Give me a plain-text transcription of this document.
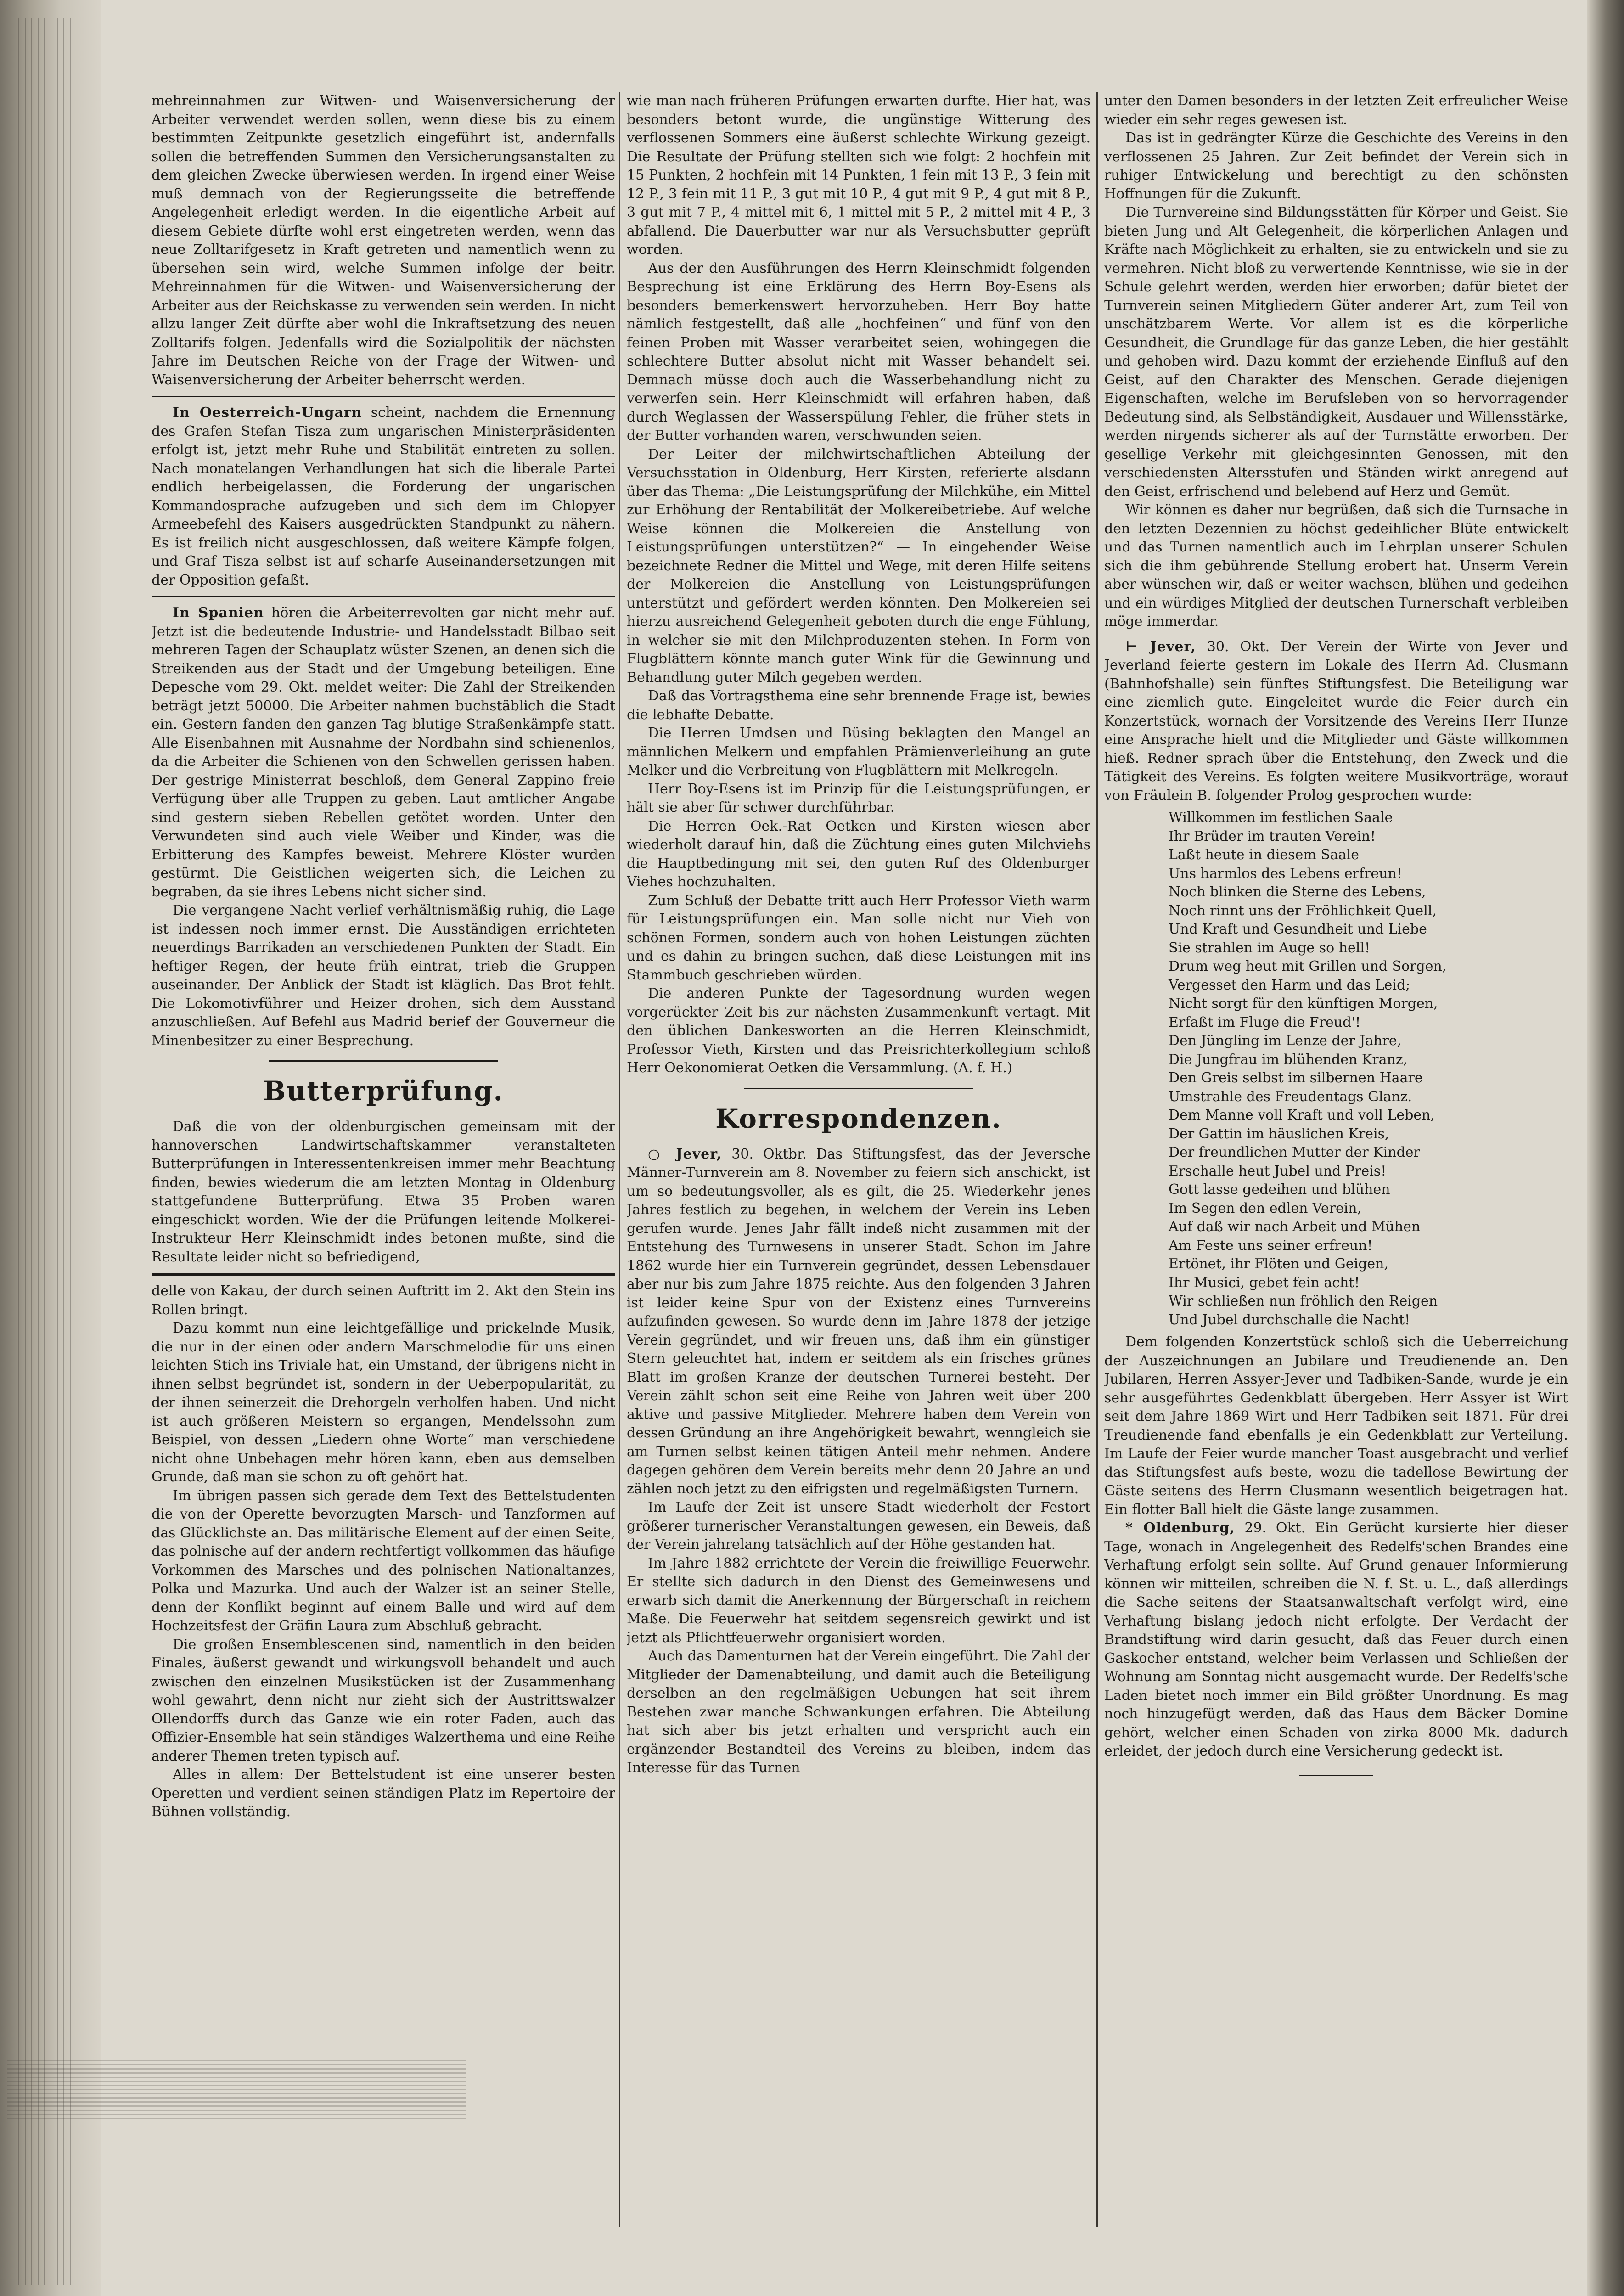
mehreinnahmen zur Witwen- und Waisenversicherung der Arbeiter verwendet werden sollen, wenn diese bis zu einem bestimmten Zeitpunkte gesetzlich eingeführt ist, andernfalls sollen die betreffenden Summen den Versicherungsanstalten zu dem gleichen Zwecke überwiesen werden. In irgend einer Weise muß demnach von der Regierungsseite die betreffende Angelegenheit erledigt werden. In die eigentliche Arbeit auf diesem Gebiete dürfte wohl erst eingetreten werden, wenn das neue Zolltarifgesetz in Kraft getreten und namentlich wenn zu übersehen sein wird, welche Summen infolge der beitr. Mehreinnahmen für die Witwen- und Waisenversicherung der Arbeiter aus der Reichskasse zu verwenden sein werden. In nicht allzu langer Zeit dürfte aber wohl die Inkraftsetzung des neuen Zolltarifs folgen. Jedenfalls wird die Sozialpolitik der nächsten Jahre im Deutschen Reiche von der Frage der Witwen- und Waisenversicherung der Arbeiter beherrscht werden.

In Oesterreich-Ungarn scheint, nachdem die Ernennung des Grafen Stefan Tisza zum ungarischen Ministerpräsidenten erfolgt ist, jetzt mehr Ruhe und Stabilität eintreten zu sollen. Nach monatelangen Verhandlungen hat sich die liberale Partei endlich herbeigelassen, die Forderung der ungarischen Kommandosprache aufzugeben und sich dem im Chlopyer Armeebefehl des Kaisers ausgedrückten Standpunkt zu nähern. Es ist freilich nicht ausgeschlossen, daß weitere Kämpfe folgen, und Graf Tisza selbst ist auf scharfe Auseinandersetzungen mit der Opposition gefaßt.

In Spanien hören die Arbeiterrevolten gar nicht mehr auf. Jetzt ist die bedeutende Industrie- und Handelsstadt Bilbao seit mehreren Tagen der Schauplatz wüster Szenen, an denen sich die Streikenden aus der Stadt und der Umgebung beteiligen. Eine Depesche vom 29. Okt. meldet weiter: Die Zahl der Streikenden beträgt jetzt 50000. Die Arbeiter nahmen buchstäblich die Stadt ein. Gestern fanden den ganzen Tag blutige Straßenkämpfe statt. Alle Eisenbahnen mit Ausnahme der Nordbahn sind schienenlos, da die Arbeiter die Schienen von den Schwellen gerissen haben. Der gestrige Ministerrat beschloß, dem General Zappino freie Verfügung über alle Truppen zu geben. Laut amtlicher Angabe sind gestern sieben Rebellen getötet worden. Unter den Verwundeten sind auch viele Weiber und Kinder, was die Erbitterung des Kampfes beweist. Mehrere Klöster wurden gestürmt. Die Geistlichen weigerten sich, die Leichen zu begraben, da sie ihres Lebens nicht sicher sind.

Die vergangene Nacht verlief verhältnismäßig ruhig, die Lage ist indessen noch immer ernst. Die Ausständigen errichteten neuerdings Barrikaden an verschiedenen Punkten der Stadt. Ein heftiger Regen, der heute früh eintrat, trieb die Gruppen auseinander. Der Anblick der Stadt ist kläglich. Das Brot fehlt. Die Lokomotivführer und Heizer drohen, sich dem Ausstand anzuschließen. Auf Befehl aus Madrid berief der Gouverneur die Minenbesitzer zu einer Besprechung.

Butterprüfung.

Daß die von der oldenburgischen gemeinsam mit der hannoverschen Landwirtschaftskammer veranstalteten Butterprüfungen in Interessentenkreisen immer mehr Beachtung finden, bewies wiederum die am letzten Montag in Oldenburg stattgefundene Butterprüfung. Etwa 35 Proben waren eingeschickt worden. Wie der die Prüfungen leitende Molkerei-Instrukteur Herr Kleinschmidt indes betonen mußte, sind die Resultate leider nicht so befriedigend,

delle von Kakau, der durch seinen Auftritt im 2. Akt den Stein ins Rollen bringt.

Dazu kommt nun eine leichtgefällige und prickelnde Musik, die nur in der einen oder andern Marschmelodie für uns einen leichten Stich ins Triviale hat, ein Umstand, der übrigens nicht in ihnen selbst begründet ist, sondern in der Ueberpopularität, zu der ihnen seinerzeit die Drehorgeln verholfen haben. Und nicht ist auch größeren Meistern so ergangen, Mendelssohn zum Beispiel, von dessen „Liedern ohne Worte“ man verschiedene nicht ohne Unbehagen mehr hören kann, eben aus demselben Grunde, daß man sie schon zu oft gehört hat.

Im übrigen passen sich gerade dem Text des Bettelstudenten die von der Operette bevorzugten Marsch- und Tanzformen auf das Glücklichste an. Das militärische Element auf der einen Seite, das polnische auf der andern rechtfertigt vollkommen das häufige Vorkommen des Marsches und des polnischen Nationaltanzes, Polka und Mazurka. Und auch der Walzer ist an seiner Stelle, denn der Konflikt beginnt auf einem Balle und wird auf dem Hochzeitsfest der Gräfin Laura zum Abschluß gebracht.

Die großen Ensemblescenen sind, namentlich in den beiden Finales, äußerst gewandt und wirkungsvoll behandelt und auch zwischen den einzelnen Musikstücken ist der Zusammenhang wohl gewahrt, denn nicht nur zieht sich der Austrittswalzer Ollendorffs durch das Ganze wie ein roter Faden, auch das Offizier-Ensemble hat sein ständiges Walzerthema und eine Reihe anderer Themen treten typisch auf.

Alles in allem: Der Bettelstudent ist eine unserer besten Operetten und verdient seinen ständigen Platz im Repertoire der Bühnen vollständig.

wie man nach früheren Prüfungen erwarten durfte. Hier hat, was besonders betont wurde, die ungünstige Witterung des verflossenen Sommers eine äußerst schlechte Wirkung gezeigt. Die Resultate der Prüfung stellten sich wie folgt: 2 hochfein mit 15 Punkten, 2 hochfein mit 14 Punkten, 1 fein mit 13 P., 3 fein mit 12 P., 3 fein mit 11 P., 3 gut mit 10 P., 4 gut mit 9 P., 4 gut mit 8 P., 3 gut mit 7 P., 4 mittel mit 6, 1 mittel mit 5 P., 2 mittel mit 4 P., 3 abfallend. Die Dauerbutter war nur als Versuchsbutter geprüft worden.

Aus der den Ausführungen des Herrn Kleinschmidt folgenden Besprechung ist eine Erklärung des Herrn Boy-Esens als besonders bemerkenswert hervorzuheben. Herr Boy hatte nämlich festgestellt, daß alle „hochfeinen“ und fünf von den feinen Proben mit Wasser verarbeitet seien, wohingegen die schlechtere Butter absolut nicht mit Wasser behandelt sei. Demnach müsse doch auch die Wasserbehandlung nicht zu verwerfen sein. Herr Kleinschmidt will erfahren haben, daß durch Weglassen der Wasserspülung Fehler, die früher stets in der Butter vorhanden waren, verschwunden seien.

Der Leiter der milchwirtschaftlichen Abteilung der Versuchsstation in Oldenburg, Herr Kirsten, referierte alsdann über das Thema: „Die Leistungsprüfung der Milchkühe, ein Mittel zur Erhöhung der Rentabilität der Molkereibetriebe. Auf welche Weise können die Molkereien die Anstellung von Leistungsprüfungen unterstützen?“ — In eingehender Weise bezeichnete Redner die Mittel und Wege, mit deren Hilfe seitens der Molkereien die Anstellung von Leistungsprüfungen unterstützt und gefördert werden könnten. Den Molkereien sei hierzu ausreichend Gelegenheit geboten durch die enge Fühlung, in welcher sie mit den Milchproduzenten stehen. In Form von Flugblättern könnte manch guter Wink für die Gewinnung und Behandlung guter Milch gegeben werden.

Daß das Vortragsthema eine sehr brennende Frage ist, bewies die lebhafte Debatte.

Die Herren Umdsen und Büsing beklagten den Mangel an männlichen Melkern und empfahlen Prämienverleihung an gute Melker und die Verbreitung von Flugblättern mit Melkregeln.

Herr Boy-Esens ist im Prinzip für die Leistungsprüfungen, er hält sie aber für schwer durchführbar.

Die Herren Oek.-Rat Oetken und Kirsten wiesen aber wiederholt darauf hin, daß die Züchtung eines guten Milchviehs die Hauptbedingung mit sei, den guten Ruf des Oldenburger Viehes hochzuhalten.

Zum Schluß der Debatte tritt auch Herr Professor Vieth warm für Leistungsprüfungen ein. Man solle nicht nur Vieh von schönen Formen, sondern auch von hohen Leistungen züchten und es dahin zu bringen suchen, daß diese Leistungen mit ins Stammbuch geschrieben würden.

Die anderen Punkte der Tagesordnung wurden wegen vorgerückter Zeit bis zur nächsten Zusammenkunft vertagt. Mit den üblichen Dankesworten an die Herren Kleinschmidt, Professor Vieth, Kirsten und das Preisrichterkollegium schloß Herr Oekonomierat Oetken die Versammlung. (A. f. H.)

Korrespondenzen.

○ Jever, 30. Oktbr. Das Stiftungsfest, das der Jeversche Männer-Turnverein am 8. November zu feiern sich anschickt, ist um so bedeutungsvoller, als es gilt, die 25. Wiederkehr jenes Jahres festlich zu begehen, in welchem der Verein ins Leben gerufen wurde. Jenes Jahr fällt indeß nicht zusammen mit der Entstehung des Turnwesens in unserer Stadt. Schon im Jahre 1862 wurde hier ein Turnverein gegründet, dessen Lebensdauer aber nur bis zum Jahre 1875 reichte. Aus den folgenden 3 Jahren ist leider keine Spur von der Existenz eines Turnvereins aufzufinden gewesen. So wurde denn im Jahre 1878 der jetzige Verein gegründet, und wir freuen uns, daß ihm ein günstiger Stern geleuchtet hat, indem er seitdem als ein frisches grünes Blatt im großen Kranze der deutschen Turnerei besteht. Der Verein zählt schon seit eine Reihe von Jahren weit über 200 aktive und passive Mitglieder. Mehrere haben dem Verein von dessen Gründung an ihre Angehörigkeit bewahrt, wenngleich sie am Turnen selbst keinen tätigen Anteil mehr nehmen. Andere dagegen gehören dem Verein bereits mehr denn 20 Jahre an und zählen noch jetzt zu den eifrigsten und regelmäßigsten Turnern.

Im Laufe der Zeit ist unsere Stadt wiederholt der Festort größerer turnerischer Veranstaltungen gewesen, ein Beweis, daß der Verein jahrelang tatsächlich auf der Höhe gestanden hat.

Im Jahre 1882 errichtete der Verein die freiwillige Feuerwehr. Er stellte sich dadurch in den Dienst des Gemeinwesens und erwarb sich damit die Anerkennung der Bürgerschaft in reichem Maße. Die Feuerwehr hat seitdem segensreich gewirkt und ist jetzt als Pflichtfeuerwehr organisiert worden.

Auch das Damenturnen hat der Verein eingeführt. Die Zahl der Mitglieder der Damenabteilung, und damit auch die Beteiligung derselben an den regelmäßigen Uebungen hat seit ihrem Bestehen zwar manche Schwankungen erfahren. Die Abteilung hat sich aber bis jetzt erhalten und verspricht auch ein ergänzender Bestandteil des Vereins zu bleiben, indem das Interesse für das Turnen

unter den Damen besonders in der letzten Zeit erfreulicher Weise wieder ein sehr reges gewesen ist.

Das ist in gedrängter Kürze die Geschichte des Vereins in den verflossenen 25 Jahren. Zur Zeit befindet der Verein sich in ruhiger Entwickelung und berechtigt zu den schönsten Hoffnungen für die Zukunft.

Die Turnvereine sind Bildungsstätten für Körper und Geist. Sie bieten Jung und Alt Gelegenheit, die körperlichen Anlagen und Kräfte nach Möglichkeit zu erhalten, sie zu entwickeln und sie zu vermehren. Nicht bloß zu verwertende Kenntnisse, wie sie in der Schule gelehrt werden, werden hier erworben; dafür bietet der Turnverein seinen Mitgliedern Güter anderer Art, zum Teil von unschätzbarem Werte. Vor allem ist es die körperliche Gesundheit, die Grundlage für das ganze Leben, die hier gestählt und gehoben wird. Dazu kommt der erziehende Einfluß auf den Geist, auf den Charakter des Menschen. Gerade diejenigen Eigenschaften, welche im Berufsleben von so hervorragender Bedeutung sind, als Selbständigkeit, Ausdauer und Willensstärke, werden nirgends sicherer als auf der Turnstätte erworben. Der gesellige Verkehr mit gleichgesinnten Genossen, mit den verschiedensten Altersstufen und Ständen wirkt anregend auf den Geist, erfrischend und belebend auf Herz und Gemüt.

Wir können es daher nur begrüßen, daß sich die Turnsache in den letzten Dezennien zu höchst gedeihlicher Blüte entwickelt und das Turnen namentlich auch im Lehrplan unserer Schulen sich die ihm gebührende Stellung erobert hat. Unserm Verein aber wünschen wir, daß er weiter wachsen, blühen und gedeihen und ein würdiges Mitglied der deutschen Turnerschaft verbleiben möge immerdar.

⊢ Jever, 30. Okt. Der Verein der Wirte von Jever und Jeverland feierte gestern im Lokale des Herrn Ad. Clusmann (Bahnhofshalle) sein fünftes Stiftungsfest. Die Beteiligung war eine ziemlich gute. Eingeleitet wurde die Feier durch ein Konzertstück, wornach der Vorsitzende des Vereins Herr Hunze eine Ansprache hielt und die Mitglieder und Gäste willkommen hieß. Redner sprach über die Entstehung, den Zweck und die Tätigkeit des Vereins. Es folgten weitere Musikvorträge, worauf von Fräulein B. folgender Prolog gesprochen wurde:

Willkommen im festlichen Saale
Ihr Brüder im trauten Verein!
Laßt heute in diesem Saale
Uns harmlos des Lebens erfreun!
Noch blinken die Sterne des Lebens,
Noch rinnt uns der Fröhlichkeit Quell,
Und Kraft und Gesundheit und Liebe
Sie strahlen im Auge so hell!
Drum weg heut mit Grillen und Sorgen,
Vergesset den Harm und das Leid;
Nicht sorgt für den künftigen Morgen,
Erfaßt im Fluge die Freud'!
Den Jüngling im Lenze der Jahre,
Die Jungfrau im blühenden Kranz,
Den Greis selbst im silbernen Haare
Umstrahle des Freudentags Glanz.
Dem Manne voll Kraft und voll Leben,
Der Gattin im häuslichen Kreis,
Der freundlichen Mutter der Kinder
Erschalle heut Jubel und Preis!
Gott lasse gedeihen und blühen
Im Segen den edlen Verein,
Auf daß wir nach Arbeit und Mühen
Am Feste uns seiner erfreun!
Ertönet, ihr Flöten und Geigen,
Ihr Musici, gebet fein acht!
Wir schließen nun fröhlich den Reigen
Und Jubel durchschalle die Nacht!

Dem folgenden Konzertstück schloß sich die Ueberreichung der Auszeichnungen an Jubilare und Treudienende an. Den Jubilaren, Herren Assyer-Jever und Tadbiken-Sande, wurde je ein sehr ausgeführtes Gedenkblatt übergeben. Herr Assyer ist Wirt seit dem Jahre 1869 Wirt und Herr Tadbiken seit 1871. Für drei Treudienende fand ebenfalls je ein Gedenkblatt zur Verteilung. Im Laufe der Feier wurde mancher Toast ausgebracht und verlief das Stiftungsfest aufs beste, wozu die tadellose Bewirtung der Gäste seitens des Herrn Clusmann wesentlich beigetragen hat. Ein flotter Ball hielt die Gäste lange zusammen.

* Oldenburg, 29. Okt. Ein Gerücht kursierte hier dieser Tage, wonach in Angelegenheit des Redelfs'schen Brandes eine Verhaftung erfolgt sein sollte. Auf Grund genauer Informierung können wir mitteilen, schreiben die N. f. St. u. L., daß allerdings die Sache seitens der Staatsanwaltschaft verfolgt wird, eine Verhaftung bislang jedoch nicht erfolgte. Der Verdacht der Brandstiftung wird darin gesucht, daß das Feuer durch einen Gaskocher entstand, welcher beim Verlassen und Schließen der Wohnung am Sonntag nicht ausgemacht wurde. Der Redelfs'sche Laden bietet noch immer ein Bild größter Unordnung. Es mag noch hinzugefügt werden, daß das Haus dem Bäcker Domine gehört, welcher einen Schaden von zirka 8000 Mk. dadurch erleidet, der jedoch durch eine Versicherung gedeckt ist.
